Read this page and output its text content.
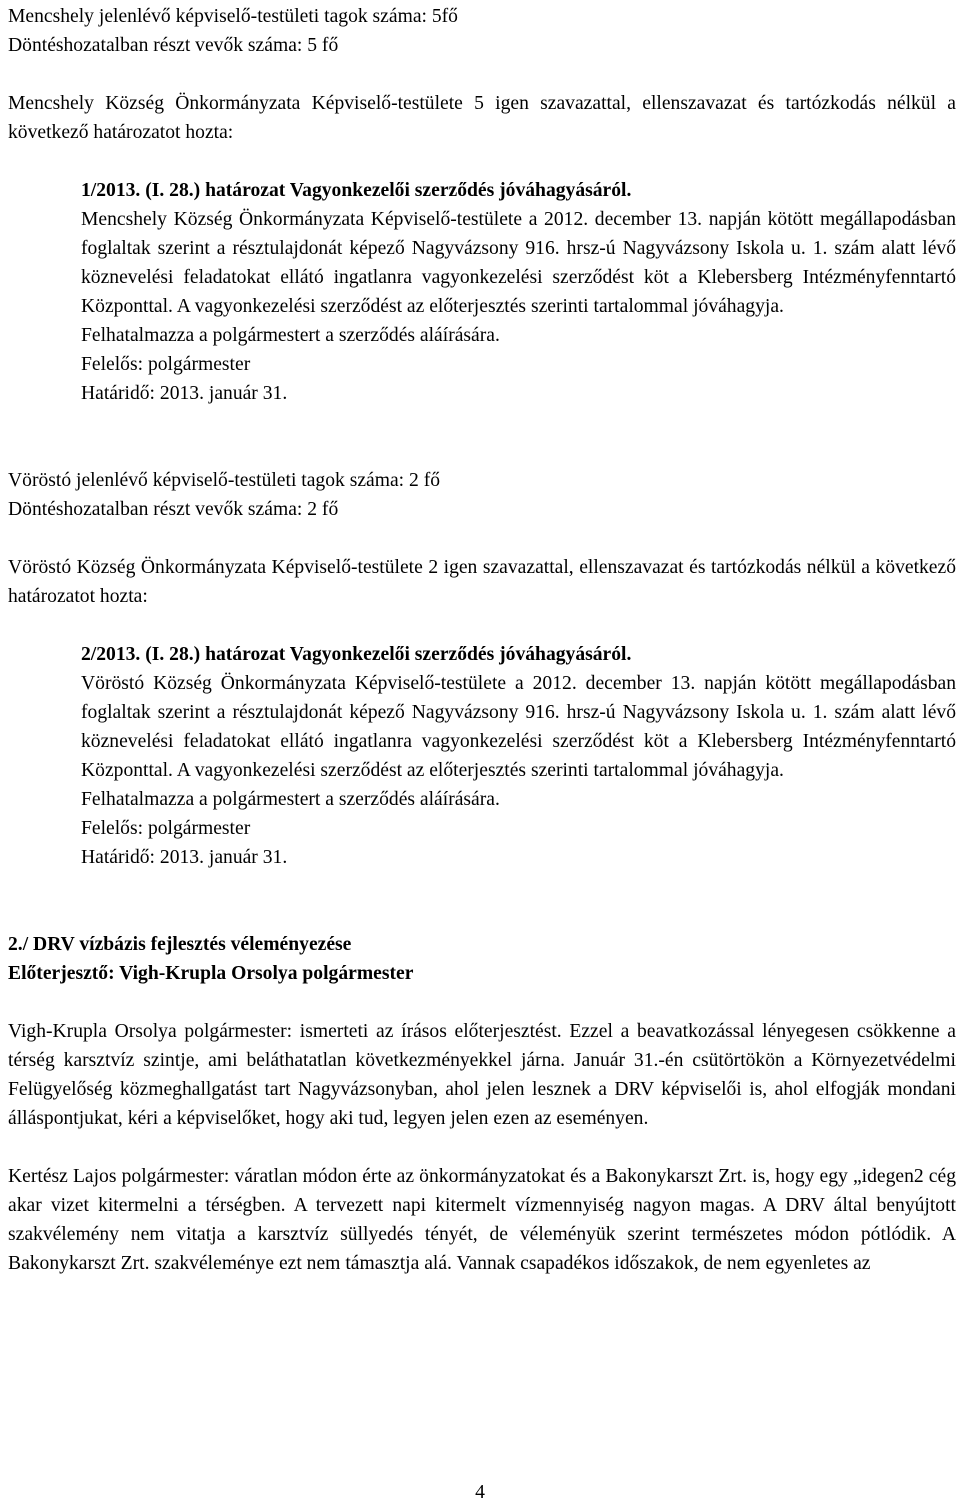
Mencshely jelenlévő képviselő-testületi tagok száma: 5fő

Döntéshozatalban részt vevők száma: 5 fő

Mencshely Község Önkormányzata Képviselő-testülete 5 igen szavazattal, ellenszavazat és tartózkodás nélkül a következő határozatot hozta:

1/2013. (I. 28.) határozat Vagyonkezelői szerződés jóváhagyásáról.

Mencshely Község Önkormányzata Képviselő-testülete a 2012. december 13. napján kötött megállapodásban foglaltak szerint a résztulajdonát képező Nagyvázsony 916. hrsz-ú Nagyvázsony Iskola u. 1. szám alatt lévő köznevelési feladatokat ellátó ingatlanra vagyonkezelési szerződést köt a Klebersberg Intézményfenntartó Központtal. A vagyonkezelési szerződést az előterjesztés szerinti tartalommal jóváhagyja.

Felhatalmazza a polgármestert a szerződés aláírására.

Felelős: polgármester

Határidő: 2013. január 31.

Vöröstó jelenlévő képviselő-testületi tagok száma: 2 fő

Döntéshozatalban részt vevők száma: 2 fő

Vöröstó Község Önkormányzata Képviselő-testülete 2 igen szavazattal, ellenszavazat és tartózkodás nélkül a következő határozatot hozta:

2/2013. (I. 28.) határozat Vagyonkezelői szerződés jóváhagyásáról.

Vöröstó Község Önkormányzata Képviselő-testülete a 2012. december 13. napján kötött megállapodásban foglaltak szerint a résztulajdonát képező Nagyvázsony 916. hrsz-ú Nagyvázsony Iskola u. 1. szám alatt lévő köznevelési feladatokat ellátó ingatlanra vagyonkezelési szerződést köt a Klebersberg Intézményfenntartó Központtal. A vagyonkezelési szerződést az előterjesztés szerinti tartalommal jóváhagyja.

Felhatalmazza a polgármestert a szerződés aláírására.

Felelős: polgármester

Határidő: 2013. január 31.

2./ DRV vízbázis fejlesztés véleményezése

Előterjesztő: Vigh-Krupla Orsolya polgármester

Vigh-Krupla Orsolya polgármester: ismerteti az írásos előterjesztést. Ezzel a beavatkozással lényegesen csökkenne a térség karsztvíz szintje, ami beláthatatlan következményekkel járna. Január 31.-én csütörtökön a Környezetvédelmi Felügyelőség közmeghallgatást tart Nagyvázsonyban, ahol jelen lesznek a DRV képviselői is, ahol elfogják mondani álláspontjukat, kéri a képviselőket, hogy aki tud, legyen jelen ezen az eseményen.

Kertész Lajos polgármester: váratlan módon érte az önkormányzatokat és a Bakonykarszt Zrt. is, hogy egy „idegen2 cég akar vizet kitermelni a térségben. A tervezett napi kitermelt vízmennyiség nagyon magas. A DRV által benyújtott szakvélemény nem vitatja a karsztvíz süllyedés tényét, de véleményük szerint természetes módon pótlódik. A Bakonykarszt Zrt. szakvéleménye ezt nem támasztja alá. Vannak csapadékos időszakok, de nem egyenletes az

4
